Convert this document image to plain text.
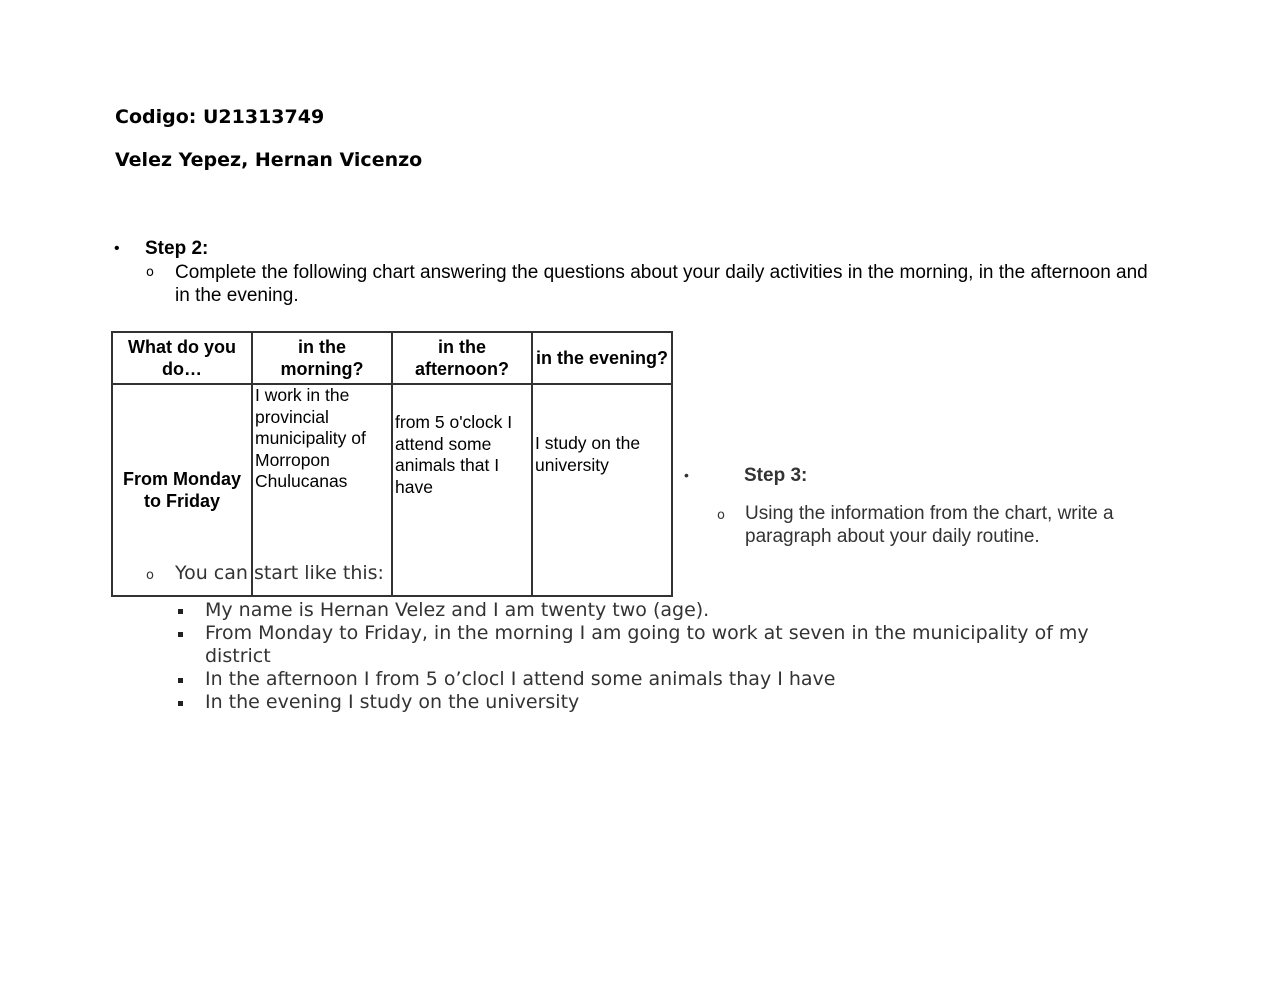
Codigo: U21313749

Velez Yepez, Hernan Vicenzo

• Step 2:
o Complete the following chart answering the questions about your daily activities in the morning, in the afternoon and in the evening.
What do you do…	in the morning?	in the afternoon?	in the evening?
From Monday to Friday	I work in the provincial municipality of Morropon Chulucanas	from 5 o'clock I attend some animals that I have	I study on the university
•	Step 3:
o Using the information from the chart, write a paragraph about your daily routine.
o You can start like this:
My name is Hernan Velez and I am twenty two (age).
From Monday to Friday, in the morning I am going to work at seven in the municipality of my district
In the afternoon I from 5 o’clocl I attend some animals thay I have
In the evening I study on the university
